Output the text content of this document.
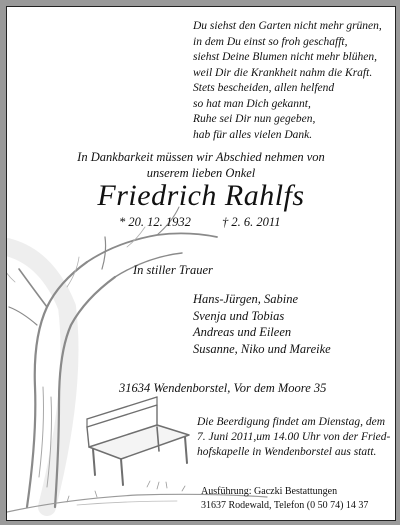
Du siehst den Garten nicht mehr grünen,
in dem Du einst so froh geschafft,
siehst Deine Blumen nicht mehr blühen,
weil Dir die Krankheit nahm die Kraft.
Stets bescheiden, allen helfend
so hat man Dich gekannt,
Ruhe sei Dir nun gegeben,
hab für alles vielen Dank.
In Dankbarkeit müssen wir Abschied nehmen von
unserem lieben Onkel
Friedrich Rahlfs
* 20. 12. 1932 † 2. 6. 2011
In stiller Trauer
Hans-Jürgen, Sabine
Svenja und Tobias
Andreas und Eileen
Susanne, Niko und Mareike
31634 Wendenborstel, Vor dem Moore 35
Die Beerdigung findet am Dienstag, dem
7. Juni 2011,um 14.00 Uhr von der Fried-
hofskapelle in Wendenborstel aus statt.
Ausführung: Gaczki Bestattungen
31637 Rodewald, Telefon (0 50 74) 14 37
